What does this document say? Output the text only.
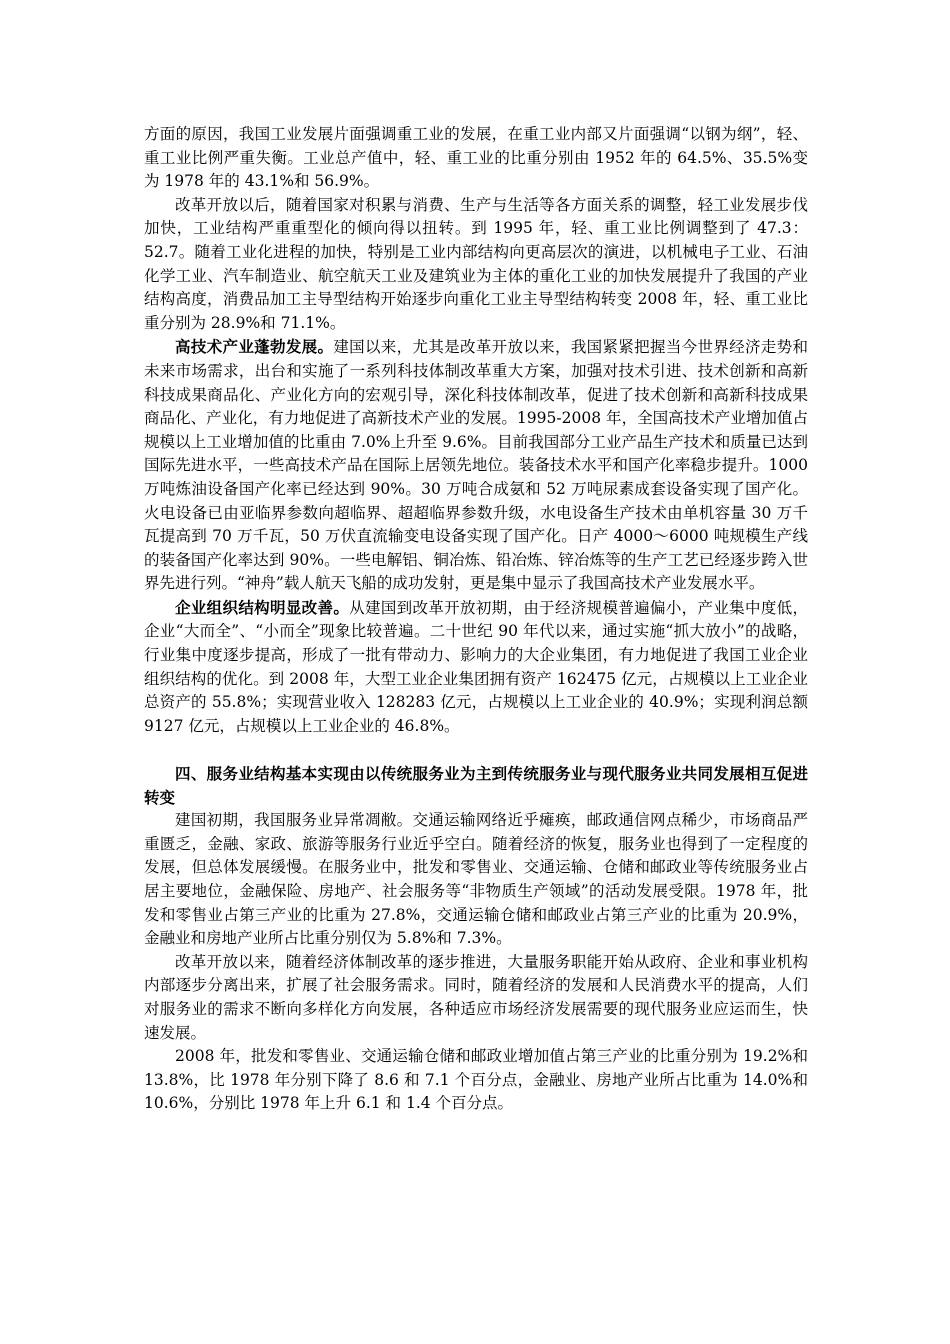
方面的原因，我国工业发展片面强调重工业的发展，在重工业内部又片面强调“以钢为纲”，轻、重工业比例严重失衡。工业总产值中，轻、重工业的比重分别由 1952 年的 64.5%、35.5%变为 1978 年的 43.1%和 56.9%。

改革开放以后，随着国家对积累与消费、生产与生活等各方面关系的调整，轻工业发展步伐加快，工业结构严重重型化的倾向得以扭转。到 1995 年，轻、重工业比例调整到了 47.3：52.7。随着工业化进程的加快，特别是工业内部结构向更高层次的演进，以机械电子工业、石油化学工业、汽车制造业、航空航天工业及建筑业为主体的重化工业的加快发展提升了我国的产业结构高度，消费品加工主导型结构开始逐步向重化工业主导型结构转变 2008 年，轻、重工业比重分别为 28.9%和 71.1%。

高技术产业蓬勃发展。建国以来，尤其是改革开放以来，我国紧紧把握当今世界经济走势和未来市场需求，出台和实施了一系列科技体制改革重大方案，加强对技术引进、技术创新和高新科技成果商品化、产业化方向的宏观引导，深化科技体制改革，促进了技术创新和高新科技成果商品化、产业化，有力地促进了高新技术产业的发展。1995-2008 年，全国高技术产业增加值占规模以上工业增加值的比重由 7.0%上升至 9.6%。目前我国部分工业产品生产技术和质量已达到国际先进水平，一些高技术产品在国际上居领先地位。装备技术水平和国产化率稳步提升。1000 万吨炼油设备国产化率已经达到 90%。30 万吨合成氨和 52 万吨尿素成套设备实现了国产化。火电设备已由亚临界参数向超临界、超超临界参数升级，水电设备生产技术由单机容量 30 万千瓦提高到 70 万千瓦，50 万伏直流输变电设备实现了国产化。日产 4000～6000 吨规模生产线的装备国产化率达到 90%。一些电解铝、铜冶炼、铅冶炼、锌冶炼等的生产工艺已经逐步跨入世界先进行列。“神舟”载人航天飞船的成功发射，更是集中显示了我国高技术产业发展水平。

企业组织结构明显改善。从建国到改革开放初期，由于经济规模普遍偏小，产业集中度低，企业“大而全”、“小而全”现象比较普遍。二十世纪 90 年代以来，通过实施“抓大放小”的战略，行业集中度逐步提高，形成了一批有带动力、影响力的大企业集团，有力地促进了我国工业企业组织结构的优化。到 2008 年，大型工业企业集团拥有资产 162475 亿元，占规模以上工业企业总资产的 55.8%；实现营业收入 128283 亿元，占规模以上工业企业的 40.9%；实现利润总额 9127 亿元，占规模以上工业企业的 46.8%。

四、服务业结构基本实现由以传统服务业为主到传统服务业与现代服务业共同发展相互促进转变

建国初期，我国服务业异常凋敝。交通运输网络近乎瘫痪，邮政通信网点稀少，市场商品严重匮乏，金融、家政、旅游等服务行业近乎空白。随着经济的恢复，服务业也得到了一定程度的发展，但总体发展缓慢。在服务业中，批发和零售业、交通运输、仓储和邮政业等传统服务业占居主要地位，金融保险、房地产、社会服务等“非物质生产领域”的活动发展受限。1978 年，批发和零售业占第三产业的比重为 27.8%，交通运输仓储和邮政业占第三产业的比重为 20.9%，金融业和房地产业所占比重分别仅为 5.8%和 7.3%。

改革开放以来，随着经济体制改革的逐步推进，大量服务职能开始从政府、企业和事业机构内部逐步分离出来，扩展了社会服务需求。同时，随着经济的发展和人民消费水平的提高，人们对服务业的需求不断向多样化方向发展，各种适应市场经济发展需要的现代服务业应运而生，快速发展。

2008 年，批发和零售业、交通运输仓储和邮政业增加值占第三产业的比重分别为 19.2%和 13.8%，比 1978 年分别下降了 8.6 和 7.1 个百分点，金融业、房地产业所占比重为 14.0%和 10.6%，分别比 1978 年上升 6.1 和 1.4 个百分点。
